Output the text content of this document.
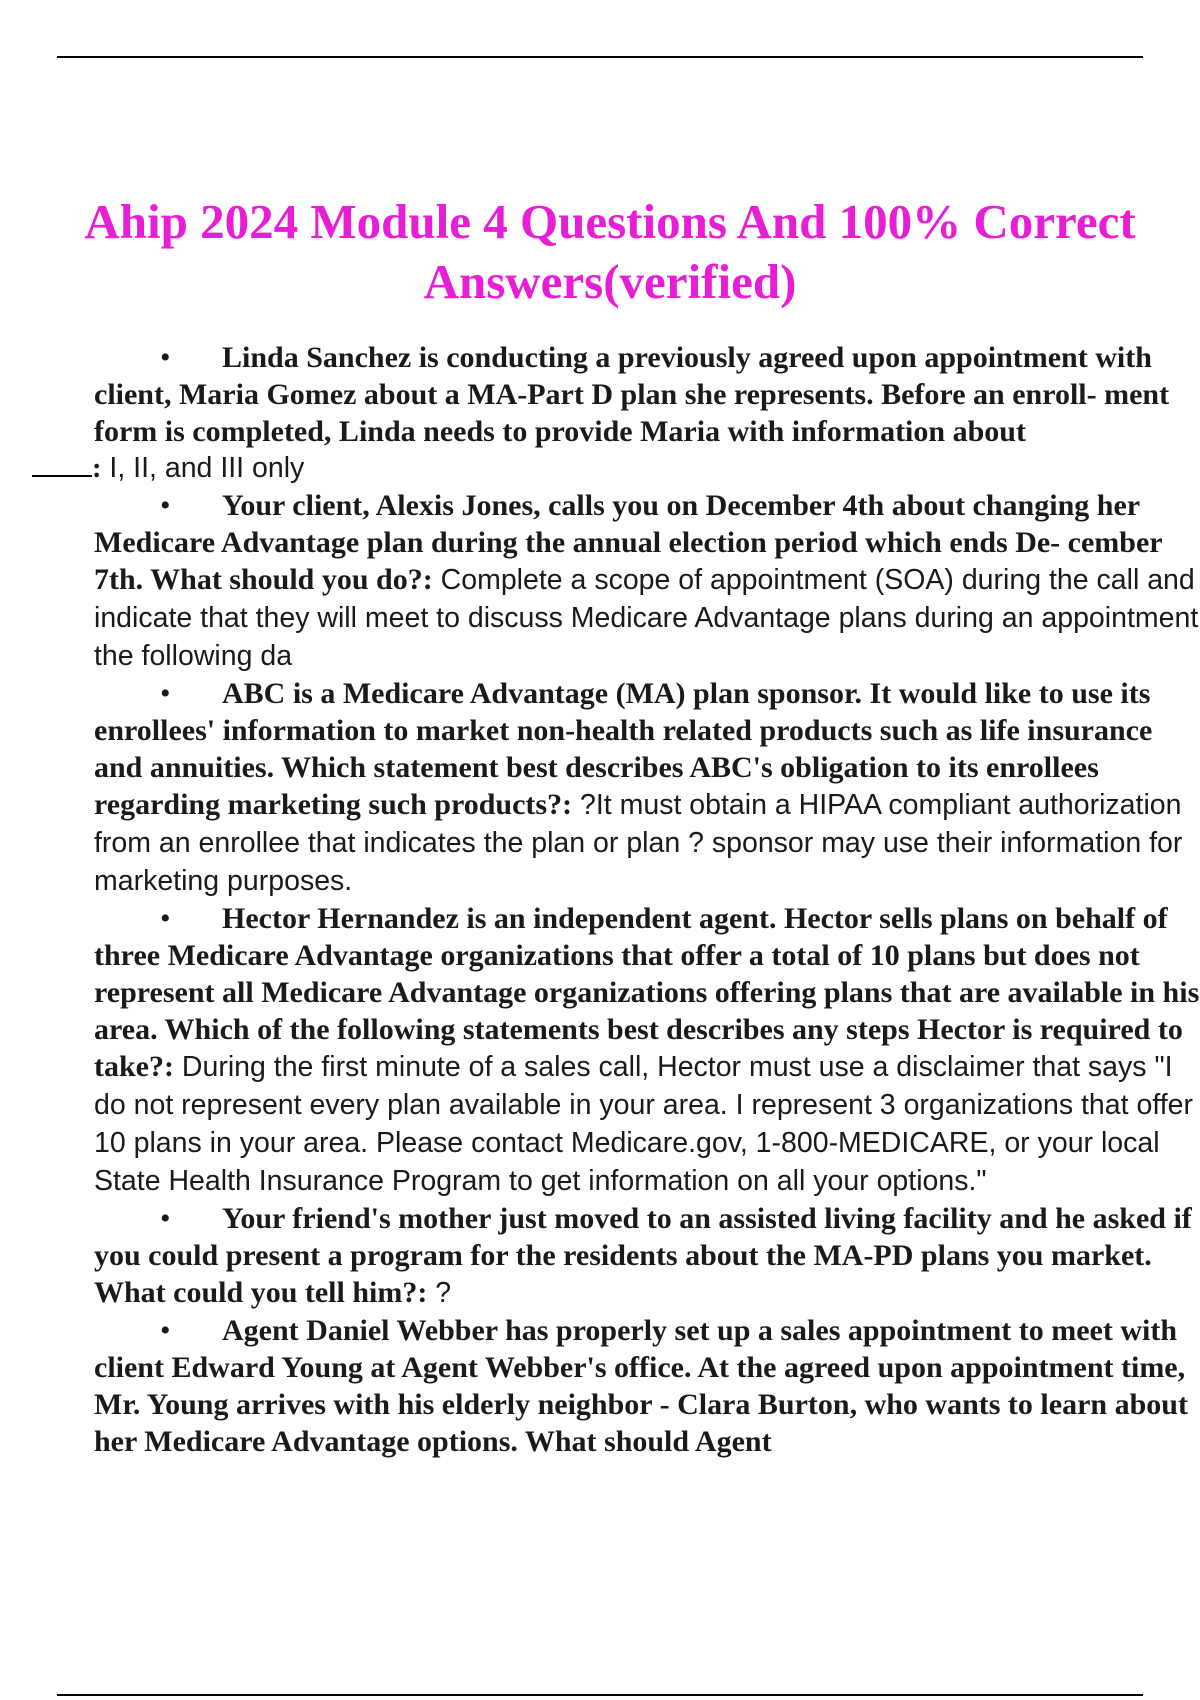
Ahip 2024 Module 4 Questions And 100% Correct
Answers(verified)
• Linda Sanchez is conducting a previously agreed upon appointment with client, Maria Gomez about a MA-Part D plan she represents. Before an enroll- ment form is completed, Linda needs to provide Maria with information about
: I, II, and III only
• Your client, Alexis Jones, calls you on December 4th about changing her Medicare Advantage plan during the annual election period which ends De- cember 7th. What should you do?: Complete a scope of appointment (SOA) during the call and indicate that they will meet to discuss Medicare Advantage plans during an appointment the following da
• ABC is a Medicare Advantage (MA) plan sponsor. It would like to use its enrollees' information to market non-health related products such as life insurance and annuities. Which statement best describes ABC's obligation to its enrollees regarding marketing such products?: ?It must obtain a HIPAA compliant authorization from an enrollee that indicates the plan or plan ? sponsor may use their information for marketing purposes.
• Hector Hernandez is an independent agent. Hector sells plans on behalf of three Medicare Advantage organizations that offer a total of 10 plans but does not represent all Medicare Advantage organizations offering plans that are available in his area. Which of the following statements best describes any steps Hector is required to take?: During the first minute of a sales call, Hector must use a disclaimer that says "I do not represent every plan available in your area. I represent 3 organizations that offer 10 plans in your area. Please contact Medicare.gov, 1-800-MEDICARE, or your local State Health Insurance Program to get information on all your options."
• Your friend's mother just moved to an assisted living facility and he asked if you could present a program for the residents about the MA-PD plans you market. What could you tell him?: ?
• Agent Daniel Webber has properly set up a sales appointment to meet with client Edward Young at Agent Webber's office. At the agreed upon appointment time, Mr. Young arrives with his elderly neighbor - Clara Burton, who wants to learn about her Medicare Advantage options. What should Agent
